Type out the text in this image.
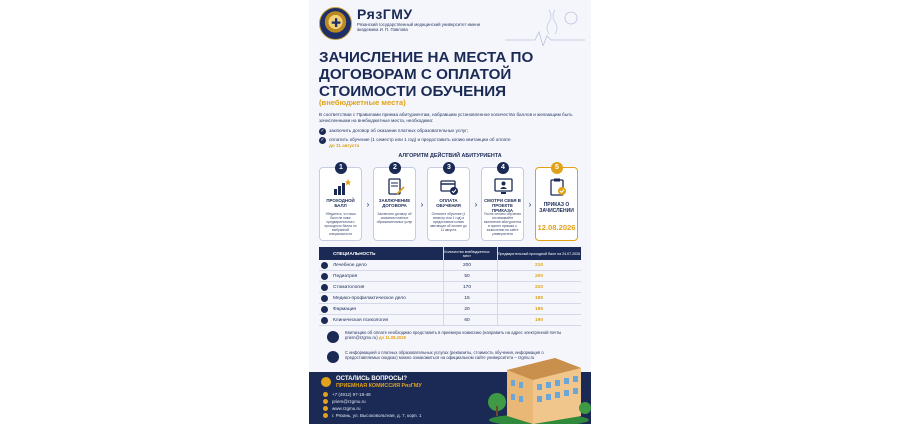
✚
РязГМУ
Рязанский государственный медицинский университет имени академика И. П. Павлова
ЗАЧИСЛЕНИЕ НА МЕСТА ПО ДОГОВОРАМ С ОПЛАТОЙ СТОИМОСТИ ОБУЧЕНИЯ
(внебюджетные места)
В соответствии с Правилами приема абитуриентам, набравшим установленное количество баллов и желающим быть зачисленными на внебюджетные места, необходимо:
✓ заключить договор об оказании платных образовательных услуг;
✓ оплатить обучение (1 семестр или 1 год) и предоставить копию квитанции об оплате
до 11 августа
АЛГОРИТМ ДЕЙСТВИЙ АБИТУРИЕНТА
1
ПРОХОДНОЙ БАЛЛ
Убедитесь, что ваш балл не ниже предварительного проходного балла по выбранной специальности
›
2
ЗАКЛЮЧЕНИЕ ДОГОВОРА
Заключите договор об оказании платных образовательных услуг
›
3
ОПЛАТА ОБУЧЕНИЯ
Оплатите обучение (1 семестр или 1 год) и предоставьте копию квитанции об оплате до 11 августа
›
4
СМОТРИ СЕБЯ В ПРОЕКТЕ ПРИКАЗА
После оплаты обучения отслеживайте включение абитуриента в проект приказа о зачислении на сайте университета
›
5
ПРИКАЗ О ЗАЧИСЛЕНИИ
12.08.2026
СПЕЦИАЛЬНОСТЬ	Количество внебюджетных мест	Предварительный проходной балл на 24.07.2026
Лечебное дело	200	210
Педиатрия	50	200
Стоматология	170	220
Медико-профилактическое дело	15	185
Фармация	20	185
Клиническая психология	60	190
Квитанцию об оплате необходимо представить в приемную комиссию (направить на адрес электронной почты priem@rzgmu.ru) до 11.08.2026
С информацией о платных образовательных услугах (реквизиты, стоимость обучения, информация о предоставляемых скидках) можно ознакомиться на официальном сайте университета – rzgmu.ru
ОСТАЛИСЬ ВОПРОСЫ?
ПРИЕМНАЯ КОМИССИЯ РязГМУ
+7 (4912) 97-18-48
priem@rzgmu.ru
www.rzgmu.ru
г. Рязань, ул. Высоковольтная, д. 7, корп. 1
